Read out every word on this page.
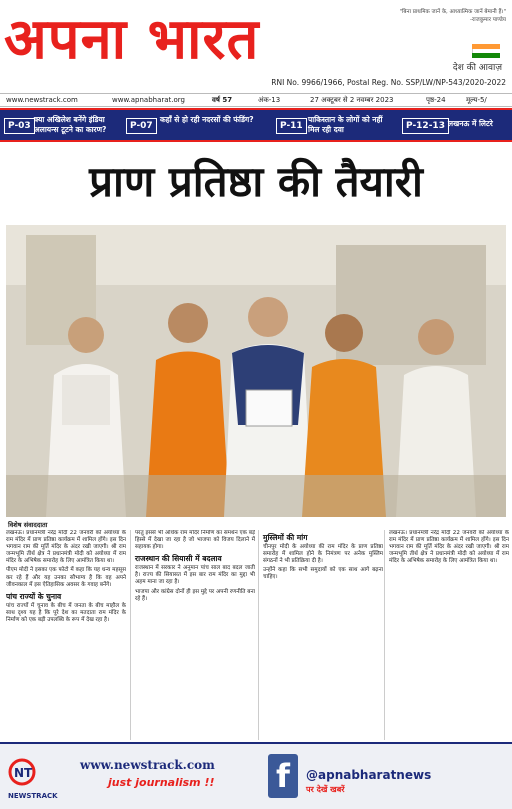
अपना भारत	"बिना प्राथमिक जानें के, आध्यात्मिक जानें बेमानी हैं।"
-राजकुमार पाण्डेय
देश की आवाज़
RNI No. 9966/1966, Postal Reg. No. SSP/LW/NP-543/2020-2022
www.newstrack.com	www.apnabharat.org	वर्ष 57	अंक-13	27 अक्टूबर से 2 नवम्बर 2023	पृष्ठ-24	मूल्य-5/
P-03
क्या अखिलेश बनेंगे इंडिया अलायन्स टूटने का कारण?	P-07
कहाँ से हो रही नदरसों की फंडिंग?
P-11
पाकिस्तान के लोगों को नहीं मिल रही दवा	P-12-13 लखनऊ में लिटरे
प्राण प्रतिष्ठा की तैयारी
विशेष संवाददाता

लखनऊ। प्रधानमंत्री नरेंद्र मोदी 22 जनवरी को अयोध्या के राम मंदिर में प्राण प्रतिष्ठा कार्यक्रम में शामिल होंगे। इस दिन भगवान राम की मूर्ति मंदिर के अंदर रखी जाएगी। श्री राम जन्मभूमि तीर्थ क्षेत्र ने प्रधानमंत्री मोदी को अयोध्या में राम मंदिर के अभिषेक समारोह के लिए आमंत्रित किया था।

पीएम मोदी ने इसका एक फोटो में कहा कि यह धन्य महसूस कर रहे हैं और यह उनका सौभाग्य है कि वह अपने जीवनकाल में इस ऐतिहासिक अवसर के गवाह बनेंगे।

पांच राज्यों के चुनाव

पांच राज्यों में चुनाव के बीच में जनता के बीच माहौल के साथ दृश्य यह है कि पूरे देश का मतदाता राम मंदिर के निर्माण को एक बड़ी उपलब्धि के रूप में देख रहा है।

परंतु इससे भी अधिक राम मंदिर निर्माण का समर्थन एक बड़े हिस्से में देखा जा रहा है जो भाजपा को विजय दिलाने में सहायक होगा।

राजस्थान की सियासी में बदलाव

राजस्थान में सरकार ने अनुमान पांच साल बाद बदल जाती है। राज्य की सियासत में इस बार राम मंदिर का मुद्दा भी अहम माना जा रहा है।

भाजपा और कांग्रेस दोनों ही इस मुद्दे पर अपनी रणनीति बना रहे हैं।

मुस्लिमों की मांग

चीनपुर मोदी के अयोध्या की राम मंदिर के प्राण प्रतिष्ठा समारोह में शामिल होने के निमंत्रण पर अनेक मुस्लिम संगठनों ने भी प्रतिक्रिया दी है।

उन्होंने कहा कि सभी समुदायों को एक साथ आगे बढ़ना चाहिए।

लखनऊ। प्रधानमंत्री नरेंद्र मोदी 22 जनवरी को अयोध्या के राम मंदिर में प्राण प्रतिष्ठा कार्यक्रम में शामिल होंगे। इस दिन भगवान राम की मूर्ति मंदिर के अंदर रखी जाएगी। श्री राम जन्मभूमि तीर्थ क्षेत्र ने प्रधानमंत्री मोदी को अयोध्या में राम मंदिर के अभिषेक समारोह के लिए आमंत्रित किया था।

NT
NEWSTRACK
www.newstrack.com
just journalism !! f	@apnabharatnews
पर देखें खबरें
